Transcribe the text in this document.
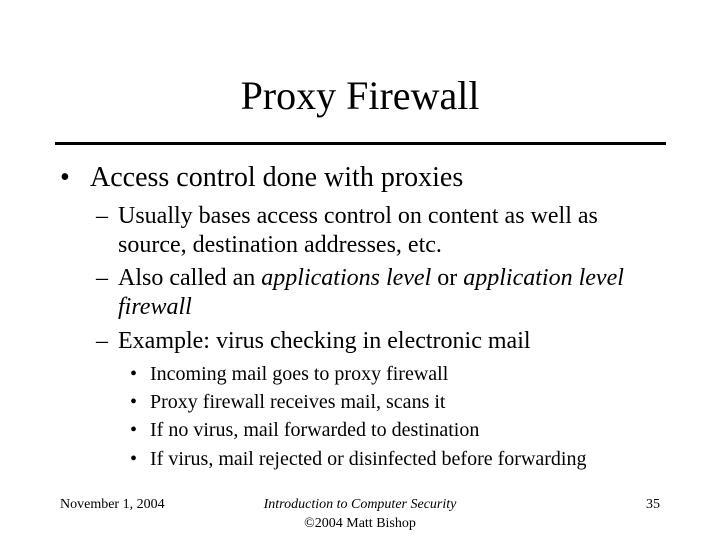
Proxy Firewall
• Access control done with proxies
– Usually bases access control on content as well as
source, destination addresses, etc.
– Also called an applications level or application level
firewall
– Example: virus checking in electronic mail
• Incoming mail goes to proxy firewall
• Proxy firewall receives mail, scans it
• If no virus, mail forwarded to destination
• If virus, mail rejected or disinfected before forwarding
November 1, 2004	Introduction to Computer Security
©2004 Matt Bishop
35
